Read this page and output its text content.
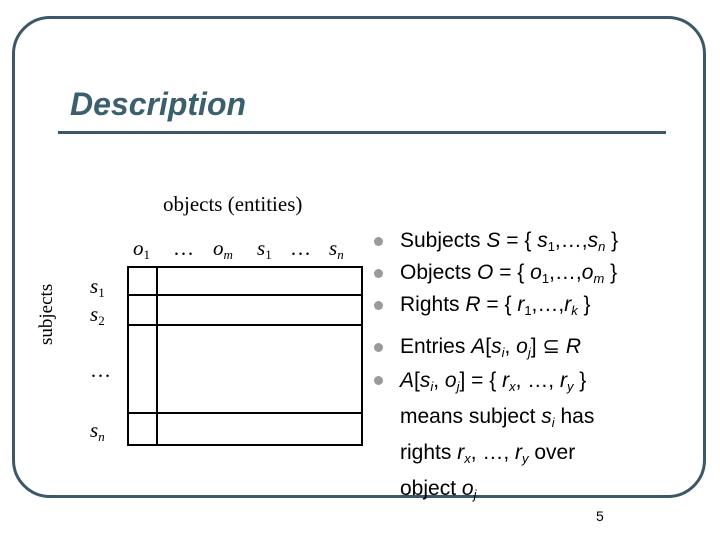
Description
objects (entities)
subjects
$o_1$ … $o_m$ $s_1$ … $s_n$
$s_1$
$s_2$
…
$s_n$
Subjects S = { $s_1,\dots,s_n$ }
Objects O = { $o_1,\dots,o_m$ }
Rights R = { $r_1,\dots,r_k$ }
Entries $A[s_i$, $o_j$] ⊆ R
$A[s_i$, $o_j$] = { $r_x$, …, $r_y$ }
means subject $s_i$ has
rights $r_x$, …, $r_y$ over
object $o_j$
5
